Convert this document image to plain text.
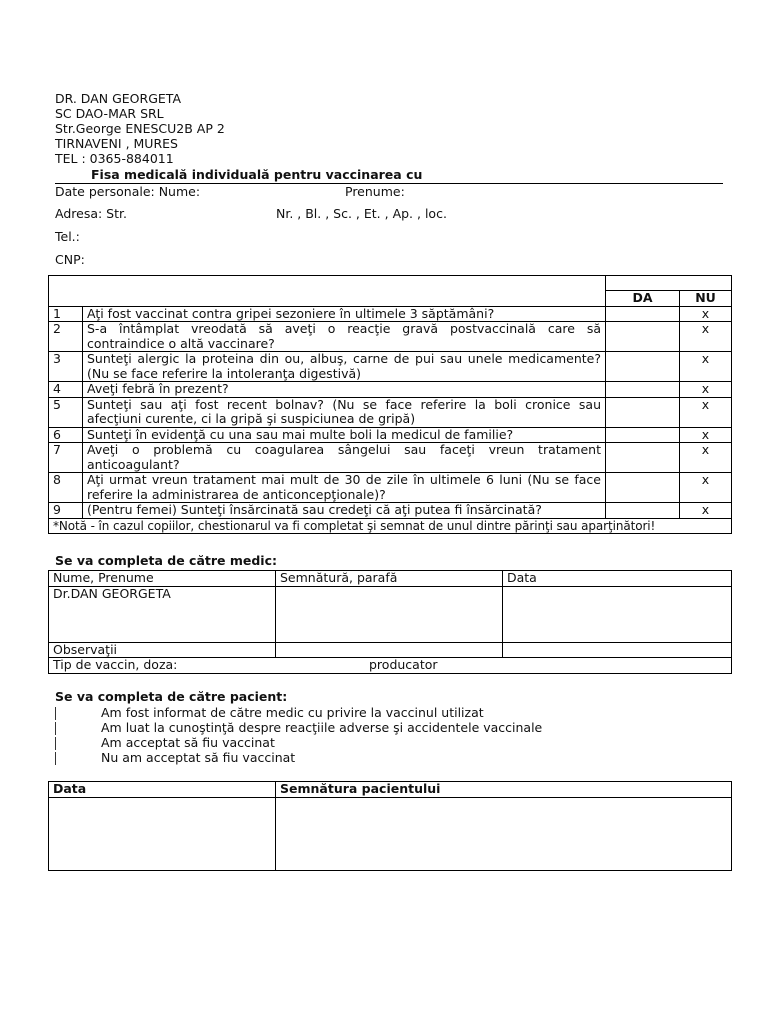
DR. DAN GEORGETA
SC DAO-MAR SRL
Str.George ENESCU2B AP 2
TIRNAVENI , MURES
TEL : 0365-884011
Fisa medicală individuală pentru vaccinarea cu
Date personale: Nume:	Prenume:
Adresa: Str.	Nr. , Bl. , Sc. , Et. , Ap. , loc.
Tel.:
CNP:

		DA	NU
1	Aţi fost vaccinat contra gripei sezoniere în ultimele 3 săptămâni?		x
2	S-a întâmplat vreodată să aveţi o reacţie gravă postvaccinală care să contraindice o altă vaccinare?		x
3	Sunteţi alergic la proteina din ou, albuş, carne de pui sau unele medicamente?(Nu se face referire la intoleranţa digestivă)		x
4	Aveţi febră în prezent?		x
5	Sunteţi sau aţi fost recent bolnav? (Nu se face referire la boli cronice sau afecţiuni curente, ci la gripă şi suspiciunea de gripă)		x
6	Sunteţi în evidenţă cu una sau mai multe boli la medicul de familie?		x
7	Aveţi o problemă cu coagularea sângelui sau faceţi vreun tratament anticoagulant?		x
8	Aţi urmat vreun tratament mai mult de 30 de zile în ultimele 6 luni (Nu se face referire la administrarea de anticoncepţionale)?		x
9	(Pentru femei) Sunteţi însărcinată sau credeţi că aţi putea fi însărcinată?		x
*Notă - în cazul copiilor, chestionarul va fi completat şi semnat de unul dintre părinţi sau aparţinători!			
Se va completa de către medic:
Nume, Prenume	Semnătură, parafă	Data
Dr.DAN GEORGETA		
Observaţii		
Tip de vaccin, doza: producator		
Se va completa de către pacient:
Am fost informat de către medic cu privire la vaccinul utilizat
Am luat la cunoştinţă despre reacţiile adverse şi accidentele vaccinale
Am acceptat să fiu vaccinat
Nu am acceptat să fiu vaccinat
Data	Semnătura pacientului
